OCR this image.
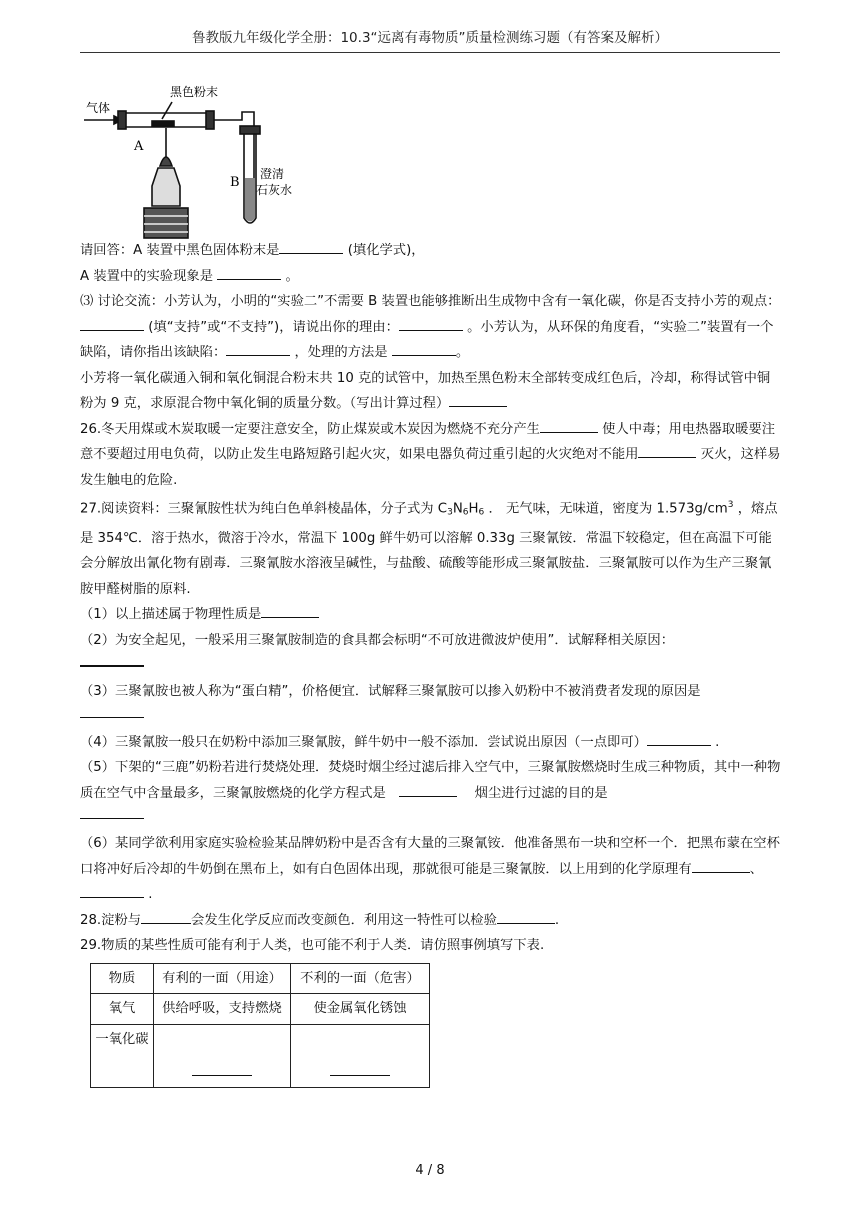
鲁教版九年级化学全册：10.3“远离有毒物质”质量检测练习题（有答案及解析）
气体
黑色粉末
A
B
澄清
石灰水

请回答：A 装置中黑色固体粉末是	(填化学式)，

A 装置中的实验现象是	。

⑶ 讨论交流：小芳认为，小明的“实验二”不需要 B 装置也能够推断出生成物中含有一氧化碳，你是否支持小芳的观点： (填“支持”或“不支持”)，请说出你的理由：	。小芳认为，从环保的角度看，“实验二”装置有一个缺陷，请你指出该缺陷：	，处理的方法是	。

小芳将一氧化碳通入铜和氧化铜混合粉末共 10 克的试管中，加热至黑色粉末全部转变成红色后，冷却，称得试管中铜粉为 9 克，求原混合物中氧化铜的质量分数。（写出计算过程）

26.冬天用煤或木炭取暖一定要注意安全，防止煤炭或木炭因为燃烧不充分产生	使人中毒；用电热器取暖要注意不要超过用电负荷，以防止发生电路短路引起火灾，如果电器负荷过重引起的火灾绝对不能用	灭火，这样易发生触电的危险.

27.阅读资料：三聚氰胺性状为纯白色单斜棱晶体，分子式为 $C_3N_6H_6$ ． 无气味，无味道，密度为 $1.573g/cm^3$ ，熔点是 354℃．溶于热水，微溶于冷水，常温下 100g 鲜牛奶可以溶解 0.33g 三聚氰铵．常温下较稳定，但在高温下可能会分解放出氰化物有剧毒．三聚氰胺水溶液呈碱性，与盐酸、硫酸等能形成三聚氰胺盐．三聚氰胺可以作为生产三聚氰胺甲醛树脂的原料.

（1）以上描述属于物理性质是

（2）为安全起见，一般采用三聚氰胺制造的食具都会标明“不可放进微波炉使用”．试解释相关原因：

（3）三聚氰胺也被人称为“蛋白精”，价格便宜．试解释三聚氰胺可以掺入奶粉中不被消费者发现的原因是

（4）三聚氰胺一般只在奶粉中添加三聚氰胺，鲜牛奶中一般不添加．尝试说出原因（一点即可）	.

（5）下架的“三鹿”奶粉若进行焚烧处理．焚烧时烟尘经过滤后排入空气中，三聚氰胺燃烧时生成三种物质，其中一种物质在空气中含量最多，三聚氰胺燃烧的化学方程式是　	　 烟尘进行过滤的目的是

（6）某同学欲利用家庭实验检验某品牌奶粉中是否含有大量的三聚氰铵．他准备黑布一块和空杯一个．把黑布蒙在空杯口将冲好后冷却的牛奶倒在黑布上，如有白色固体出现，那就很可能是三聚氰胺．以上用到的化学原理有	、 .

28.淀粉与	会发生化学反应而改变颜色．利用这一特性可以检验	.

29.物质的某些性质可能有利于人类，也可能不利于人类．请仿照事例填写下表.

物质	有利的一面（用途）	不利的一面（危害）
氧气	供给呼吸，支持燃烧	使金属氧化锈蚀
一氧化碳		
4 / 8
